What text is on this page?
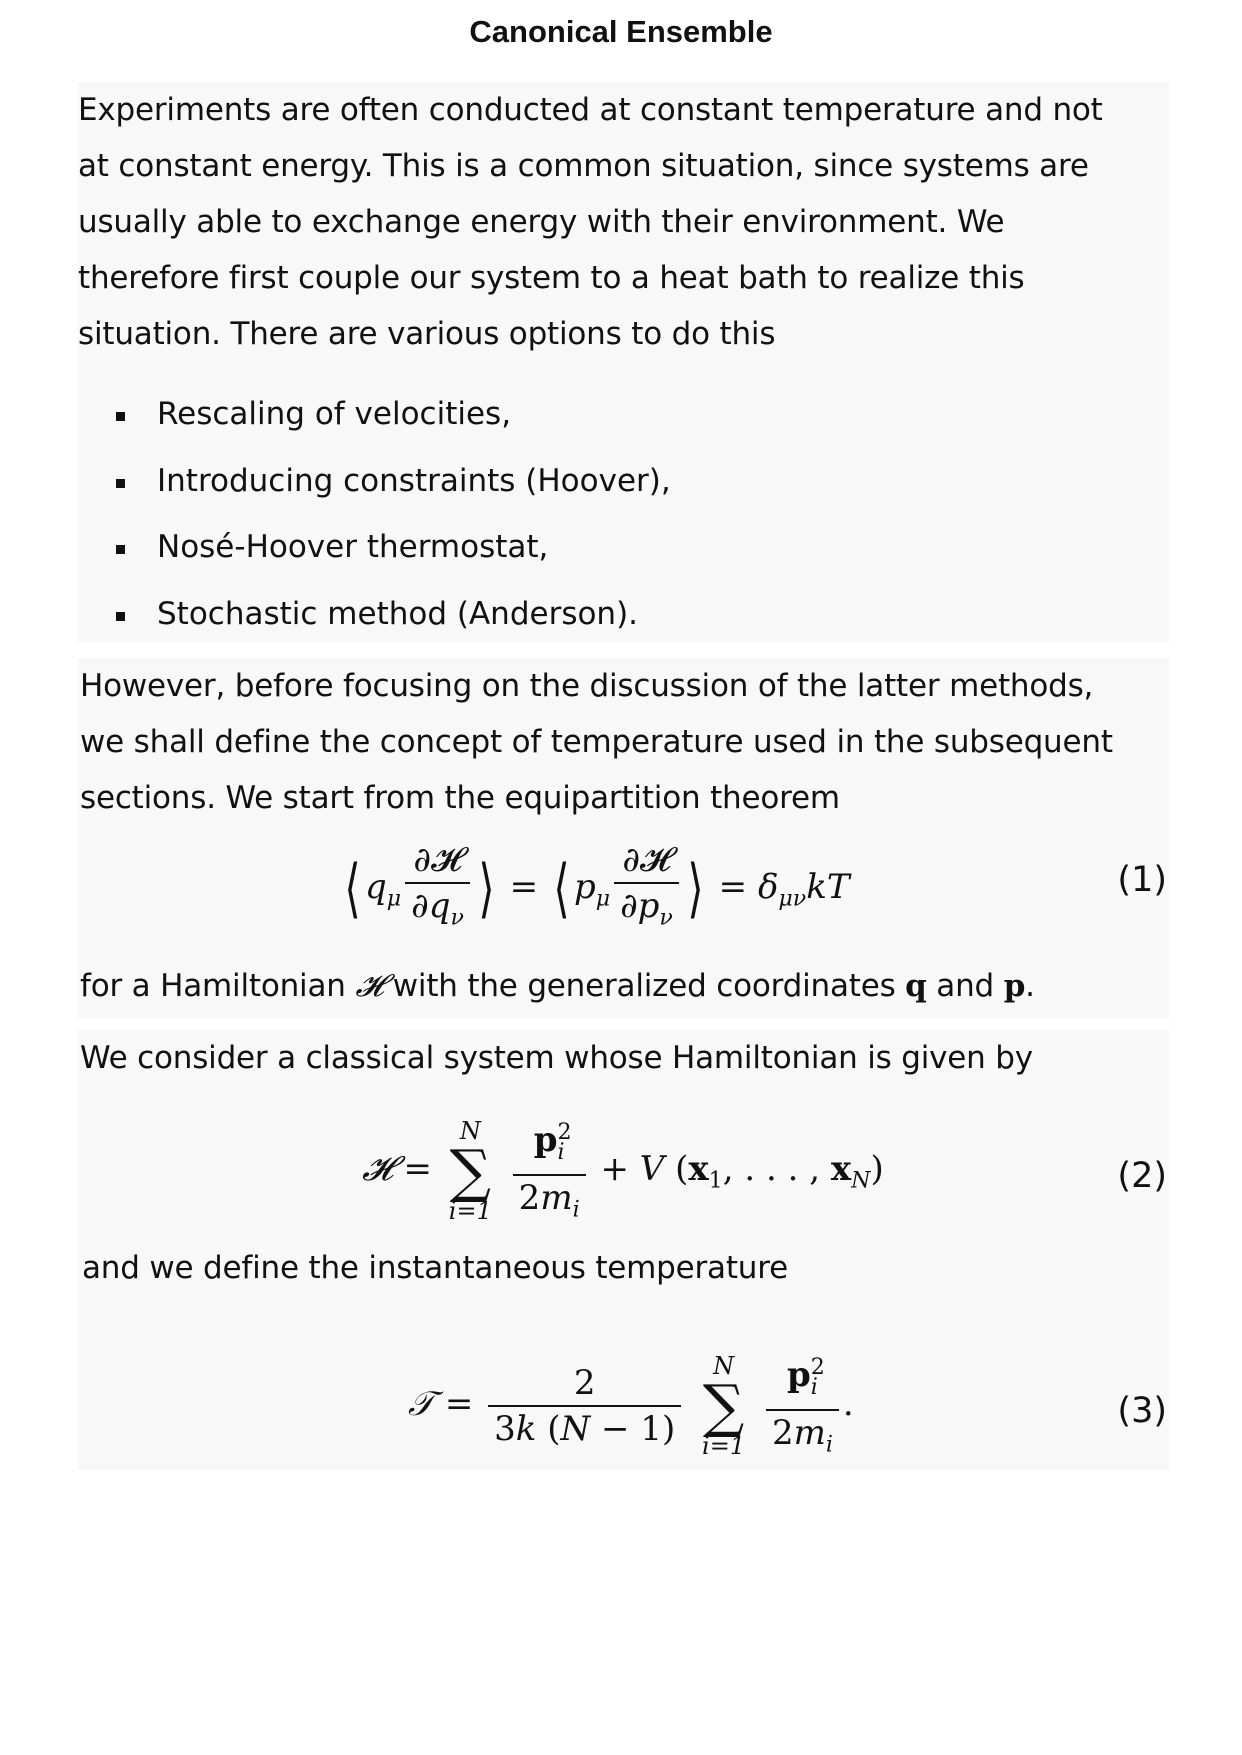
Canonical Ensemble
Experiments are often conducted at constant temperature and not
at constant energy. This is a common situation, since systems are
usually able to exchange energy with their environment. We
therefore first couple our system to a heat bath to realize this
situation. There are various options to do this
Rescaling of velocities,
Introducing constraints (Hoover),
Nosé-Hoover thermostat,
Stochastic method (Anderson).
However, before focusing on the discussion of the latter methods,
we shall define the concept of temperature used in the subsequent
sections. We start from the equipartition theorem
⟨ $q_\mu \frac{\text{∂𝓗}}{\partial q_\nu}$ ⟩ = ⟨ $p_\mu \frac{\text{∂𝓗}}{\partial p_\nu}$ ⟩ = $\delta_{\mu\nu}kT$	(1)
for a Hamiltonian 𝓗 with the generalized coordinates q and p.
We consider a classical system whose Hamiltonian is given by
𝓗 =
N
∑
i=1
$\frac{p^2_i}{2m_i} + V$ ($x_1$, . . . , $x_N$)	(2)
and we define the instantaneous temperature
𝒯 = $\frac{2}{3k (N - 1)}$
	N
∑
i=1
$\frac{p^2_i}{2m_i}$ .	(3)
